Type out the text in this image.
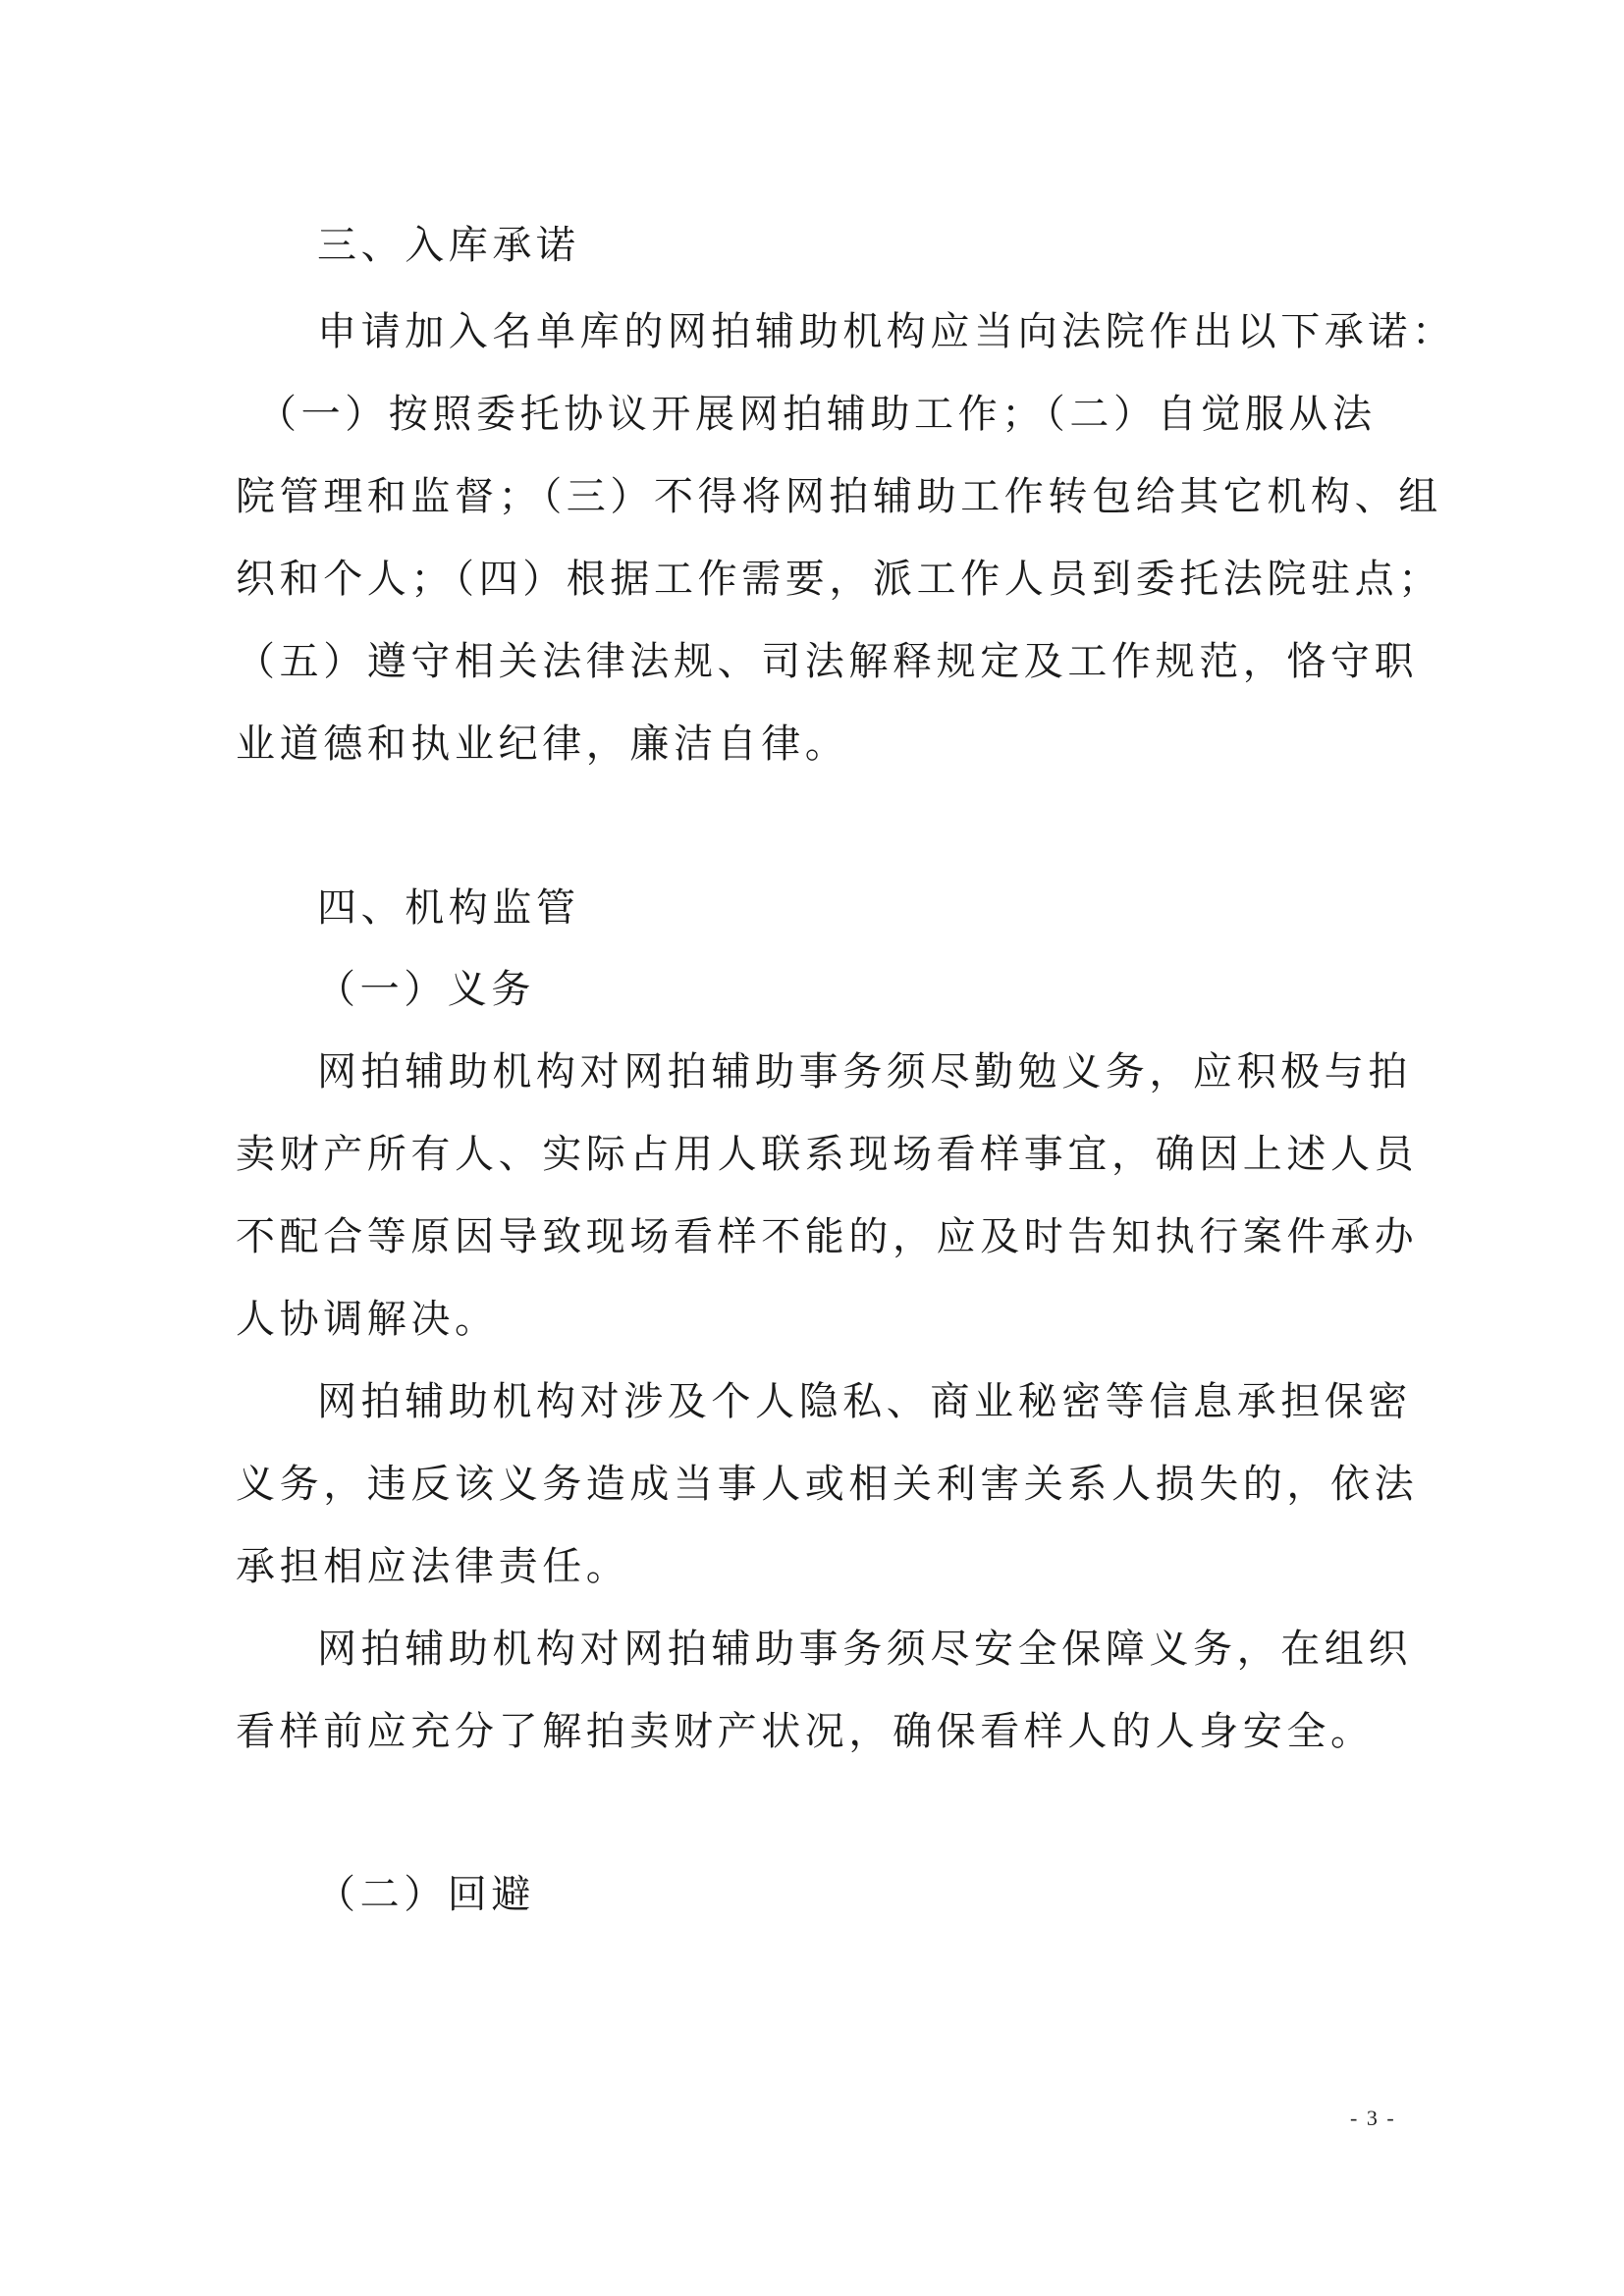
三、入库承诺
申请加入名单库的网拍辅助机构应当向法院作出以下承诺：
（一）按照委托协议开展网拍辅助工作；（二）自觉服从法
院管理和监督；（三）不得将网拍辅助工作转包给其它机构、组
织和个人；（四）根据工作需要，派工作人员到委托法院驻点；
（五）遵守相关法律法规、司法解释规定及工作规范，恪守职
业道德和执业纪律，廉洁自律。
四、机构监管
（一）义务
网拍辅助机构对网拍辅助事务须尽勤勉义务，应积极与拍
卖财产所有人、实际占用人联系现场看样事宜，确因上述人员
不配合等原因导致现场看样不能的，应及时告知执行案件承办
人协调解决。
网拍辅助机构对涉及个人隐私、商业秘密等信息承担保密
义务，违反该义务造成当事人或相关利害关系人损失的，依法
承担相应法律责任。
网拍辅助机构对网拍辅助事务须尽安全保障义务，在组织
看样前应充分了解拍卖财产状况，确保看样人的人身安全。
（二）回避
- 3 -
